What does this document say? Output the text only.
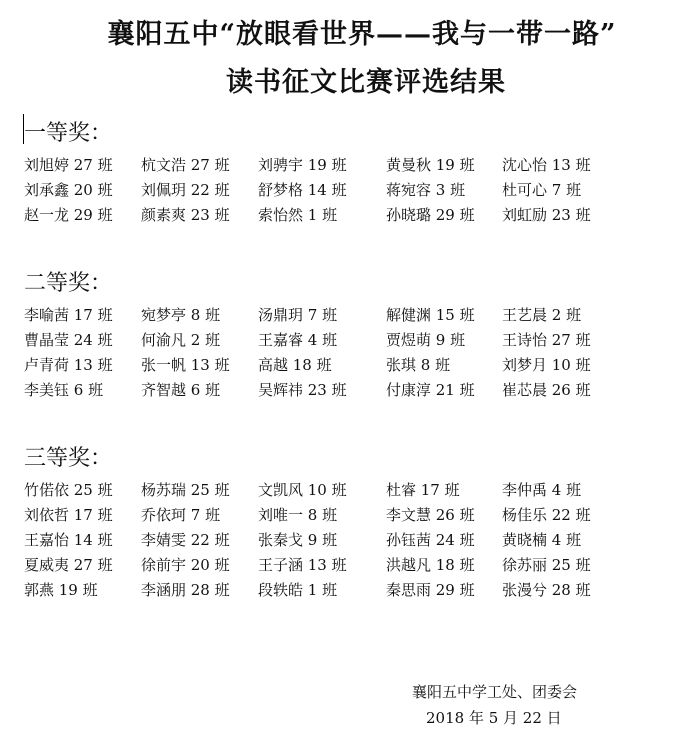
襄阳五中“放眼看世界——我与一带一路”
读书征文比赛评选结果
一等奖：
刘旭婷 27 班 杭文浩 27 班 刘骋宇 19 班	黄曼秋 19 班 沈心怡 13 班
刘承鑫 20 班 刘佩玥 22 班 舒梦格 14 班	蒋宛容 3 班 杜可心 7 班
赵一龙 29 班 颜素爽 23 班 索怡然 1 班	孙晓璐 29 班 刘虹励 23 班
二等奖：
李喻茜 17 班 宛梦亭 8 班	汤鼎玥 7 班	解健渊 15 班 王艺晨 2 班
曹晶莹 24 班 何渝凡 2 班	王嘉睿 4 班	贾煜萌 9 班 王诗怡 27 班
卢青荷 13 班 张一帆 13 班 高越 18 班	张琪 8 班	刘梦月 10 班
李美钰 6 班	齐智越 6 班	吴辉祎 23 班	付康淳 21 班 崔芯晨 26 班
三等奖：
竹偌依 25 班 杨苏瑞 25 班 文凯风 10 班	杜睿 17 班	李仲禹 4 班
刘依哲 17 班 乔依珂 7 班	刘唯一 8 班	李文慧 26 班 杨佳乐 22 班
王嘉怡 14 班 李婧雯 22 班 张秦戈 9 班	孙钰茜 24 班 黄晓楠 4 班
夏威夷 27 班 徐前宇 20 班 王子涵 13 班	洪越凡 18 班 徐苏丽 25 班
郭燕 19 班	李涵朋 28 班 段轶皓 1 班	秦思雨 29 班 张漫兮 28 班
襄阳五中学工处、团委会
2018 年 5 月 22 日
